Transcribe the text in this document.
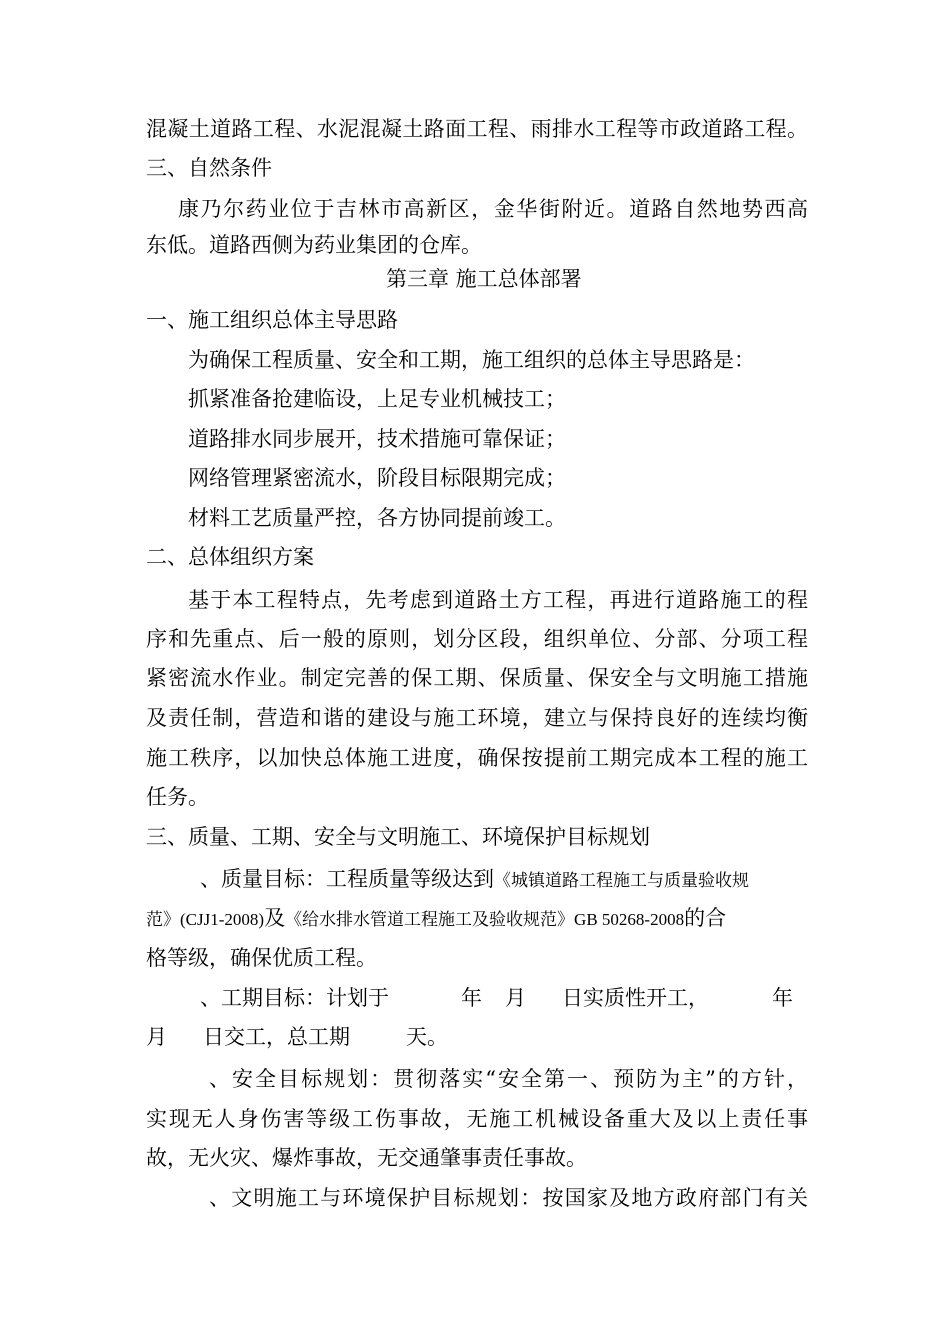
混凝土道路工程、水泥混凝土路面工程、雨排水工程等市政道路工程。
三、自然条件
康乃尔药业位于吉林市高新区，金华街附近。道路自然地势西高
东低。道路西侧为药业集团的仓库。
第三章 施工总体部署
一、施工组织总体主导思路
为确保工程质量、安全和工期，施工组织的总体主导思路是：
抓紧准备抢建临设，上足专业机械技工；
道路排水同步展开，技术措施可靠保证；
网络管理紧密流水，阶段目标限期完成；
材料工艺质量严控，各方协同提前竣工。
二、总体组织方案
基于本工程特点，先考虑到道路土方工程，再进行道路施工的程
序和先重点、后一般的原则，划分区段，组织单位、分部、分项工程
紧密流水作业。制定完善的保工期、保质量、保安全与文明施工措施
及责任制，营造和谐的建设与施工环境，建立与保持良好的连续均衡
施工秩序，以加快总体施工进度，确保按提前工期完成本工程的施工
任务。
三、质量、工期、安全与文明施工、环境保护目标规划
、质量目标：工程质量等级达到《城镇道路工程施工与质量验收规
范》(CJJ1-2008)及《给水排水管道工程施工及验收规范》GB 50268-2008的合
格等级，确保优质工程。
、工期目标：计划于	年 月 日实质性开工，	年
月 日交工，总工期	天。
、安全目标规划：贯彻落实“安全第一、预防为主”的方针，
实现无人身伤害等级工伤事故，无施工机械设备重大及以上责任事
故，无火灾、爆炸事故，无交通肇事责任事故。
、文明施工与环境保护目标规划：按国家及地方政府部门有关
